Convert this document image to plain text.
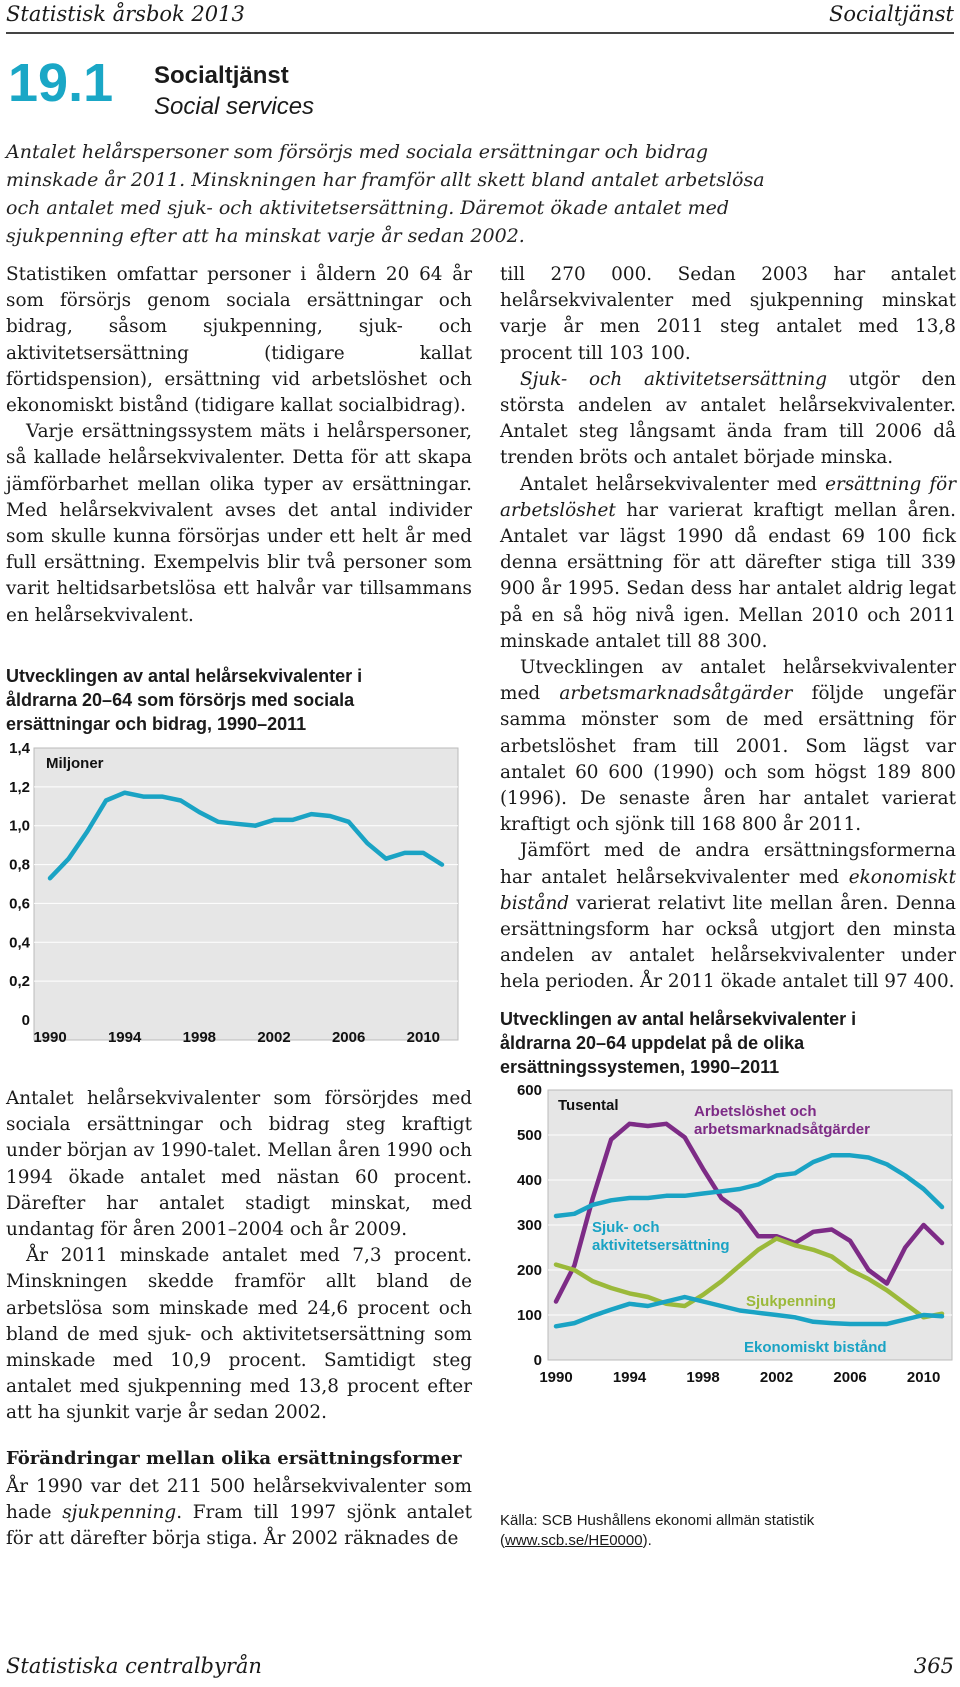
Statistisk årsbok 2013	Socialtjänst
19.1 Socialtjänst
Social services
Antalet helårspersoner som försörjs med sociala ersättningar och bidrag
minskade år 2011. Minskningen har framför allt skett bland antalet arbetslösa
och antalet med sjuk- och aktivitetsersättning. Däremot ökade antalet med
sjukpenning efter att ha minskat varje år sedan 2002.

Statistiken omfattar personer i åldern 20 64 år som försörjs genom sociala ersättningar och bidrag, såsom sjukpenning, sjuk- och aktivitetsersättning (tidigare kallat förtidspension), ersättning vid arbetslöshet och ekonomiskt bistånd (tidigare kallat socialbidrag).

Varje ersättningssystem mäts i helårspersoner, så kallade helårsekvivalenter. Detta för att skapa jämförbarhet mellan olika typer av ersättningar. Med helårsekvivalent avses det antal individer som skulle kunna försörjas under ett helt år med full ersättning. Exempelvis blir två personer som varit heltidsarbetslösa ett halvår var tillsammans en helårsekvivalent.

Utvecklingen av antal helårsekvivalenter i åldrarna 20–64 som försörjs med sociala ersättningar och bidrag, 1990–2011
Miljoner
0
0,2
0,4
0,6
0,8
1,0
1,2
1,4
1990	1994	1998	2002	2006	2010

Antalet helårsekvivalenter som försörjdes med sociala ersättningar och bidrag steg kraftigt under början av 1990-talet. Mellan åren 1990 och 1994 ökade antalet med nästan 60 procent. Därefter har antalet stadigt minskat, med undantag för åren 2001–2004 och år 2009.

År 2011 minskade antalet med 7,3 procent. Minskningen skedde framför allt bland de arbetslösa som minskade med 24,6 procent och bland de med sjuk- och aktivitetsersättning som minskade med 10,9 procent. Samtidigt steg antalet med sjukpenning med 13,8 procent efter att ha sjunkit varje år sedan 2002.

Förändringar mellan olika ersättningsformer

År 1990 var det 211 500 helårsekvivalenter som hade sjukpenning. Fram till 1997 sjönk antalet för att därefter börja stiga. År 2002 räknades de

till 270 000. Sedan 2003 har antalet helårsekvivalenter med sjukpenning minskat varje år men 2011 steg antalet med 13,8 procent till 103 100.

Sjuk- och aktivitetsersättning utgör den största andelen av antalet helårsekvivalenter. Antalet steg långsamt ända fram till 2006 då trenden bröts och antalet började minska.

Antalet helårsekvivalenter med ersättning för arbetslöshet har varierat kraftigt mellan åren. Antalet var lägst 1990 då endast 69 100 fick denna ersättning för att därefter stiga till 339 900 år 1995. Sedan dess har antalet aldrig legat på en så hög nivå igen. Mellan 2010 och 2011 minskade antalet till 88 300.

Utvecklingen av antalet helårsekvivalenter med arbetsmarknadsåtgärder följde ungefär samma mönster som de med ersättning för arbetslöshet fram till 2001. Som lägst var antalet 60 600 (1990) och som högst 189 800 (1996). De senaste åren har antalet varierat kraftigt och sjönk till 168 800 år 2011.

Jämfört med de andra ersättningsformerna har antalet helårsekvivalenter med ekonomiskt bistånd varierat relativt lite mellan åren. Denna ersättningsform har också utgjort den minsta andelen av antalet helårsekvivalenter under hela perioden. År 2011 ökade antalet till 97 400.

Utvecklingen av antal helårsekvivalenter i åldrarna 20–64 uppdelat på de olika ersättningssystemen, 1990–2011
Tusental
0
100
200
300
400
500
600
1990	1994	1998	2002	2006	2010
Arbetslöshet och arbetsmarknadsåtgärder
Sjuk- och aktivitetsersättning
Sjukpenning
Ekonomiskt bistånd
Källa: SCB Hushållens ekonomi allmän statistik
(www.scb.se/HE0000).
Statistiska centralbyrån	365
